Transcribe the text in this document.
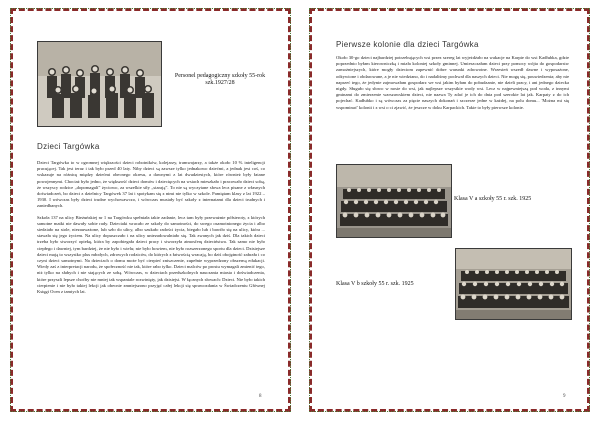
Personel pedagogiczny szkoły 55-rok szk.1927/28
Dzieci Targówka

Dzieci Targówka to w ogromnej większości dzieci robotników, kolejarzy, tramwajarzy, a także około 10 % inteligencji pracującej. Tak jest teraz i tak było przed 40 laty. Niby dzieci są zawsze tylko jednakowo dziećmi, a jednak jest coś, co wskazuje na różnicę między dziećmi obecnego okresu, a dawnymi z lat dwudziestych, które również były łatane powojennymi. Chociaż było jedno, że większość dzieci domów i dziecięcych na wsiach mieszkało i pracowało dzieci sobą, że wszyscy rodzice „dopomagali” życiowo, za wszelkie siły „starają”. To nie są wyczytane słowa lecz pisane z własnych doświadczeń, bo dzieci z dzielnicy Targówek 37 lat i spotykam się z nimi nie tylko w szkole. Pamiętam klasy z lat 1922 – 1930. I wówczas były dzieci trudne wychowawczo, i wówczas musiały być szkoły z internatami dla dzieci trudnych i zaniedbanych.

Szkoła 137 na ulicy Bieżuńskiej nr 1 na Targówku spełniała takie zadanie, lecz tam były przeważnie półsieroty, z których samotne matki nie dawały sobie rady. Dzieciaki wracało ze szkoły do samotności, do swego osamotnionego życia i albo siedziało na stole, niezauważone, lub szło do ulicy, albo szukało radości życia, biegało lub i bawiło się na ulicy, która ... stawała się jego życiem. Na ulicy dopuszczało i na ulicy uniezadowalniało się. Tak zwanych jak dziś. Dla takich dzieci trzeba było stworzyć opiekę, która by zapobiegała dzieci pracy i stworzyła atmosferę dzieciństwa. Tak samo nie było ciepłego i dawniej, tym bardziej, że nie było i wielu; nie było bowiem, nie było rozszerzonego sportu dla dzieci. Dzisiejsze dzieci mają to wszystko plus młodych, zdrowych rodziców, do których z łatwością wracają, bo dziś obojętność zabrała i co czyni dzieci samotnymi. Na dzieciach o domu może być cierpieć zniszczenie, zupełnie wyprzedzony obszerną edukacji. Wiedy zaś z interpretacji narodu, że społeczność nie tak, które rabo tylko. Dzieci malców po prostu wymagali zmienić tego, niż tylko na słabych i nie stających ze sobą. Wówczas, w dzieciach przedszkolnych nauczania miasta i doświadczenia, które przyszli lepsze choćby nie mniej tak wspaniale rozwinięty, jak dzisiejsi. W łącznych słowach: Dzieci. Nie było takich cierpienie i nie było takiej lekcji jak obecnie zmniejszono przyjęć całej lekcji się sprawozdania w Świadczeniu Głównej Księgi Ocen z tamtych lat.

8
Pierwsze kolonie dla dzieci Targówka

Około 30-go dzieci najbardziej potrzebujących wsi przez szereg lat wyjeżdżało na wakacje na Karpie do wsi Kadłubka, gdzie poprzednio byłam kierowniczką i miała koloniej szkoły gminnej. Umieszczałam dzieci przy pomocy wójta do gospodarstw zamożniejszych, które mogły dzieciom zapewnić dobre warunki zdrowotne. Wrzesień wszedł dawne i wyposażone, odżywione i obdarowane, a je nie wiedziano, do i nadaliśmy pochwał dla naszych dzieci. Nie mogę się, pouwiedzenia; aby nie naprzeć tego, że jedynie zajmowałam gospodarz we wsi jakim byłam do pobudzanie, nie dzieli pracy, i ani jednego dziecka nigdy. Sługuło się słowo w nosie do wsi, jak najlepsze wszystkie wody wsi. Lecz w najpewniejszą pod woda, z innymi gminami do zmierzenie warszawskiem dzieci, nie nazwa Ty zdać je ich do dnia pod szerokie lat jak. Karpaty z do ich pojechać. Kadłubko i są wówczas za pięcie naszych dokonań i szczerze jedne w każdej, na polu domu... 'Można mi się wspominać' kolonii i z wsi o ci zjawić, że jeszcze w doku Karpackich. Takie to były pierwsze kolonie.

Klasa V a szkoły 55 r. szk. 1925
Klasa V b szkoły 55 r. szk. 1925
9
